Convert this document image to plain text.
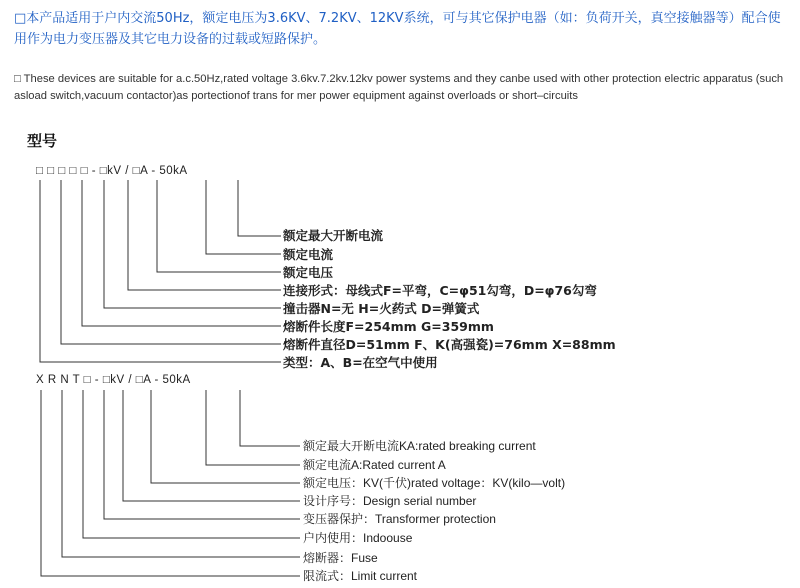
□本产品适用于户内交流50Hz，额定电压为3.6KV、7.2KV、12KV系统，可与其它保护电器（如：负荷开关，真空接触器等）配合使用作为电力变压器及其它电力设备的过载或短路保护。

□ These devices are suitable for a.c.50Hz,rated voltage 3.6kv.7.2kv.12kv power systems and they canbe used with other protection electric apparatus (such asload switch,vacuum contactor)as portectionof trans for mer power equipment against overloads or short–circuits

型号
□ □ □ □ □ - □kV / □A - 50kA
X R N T □ - □kV / □A - 50kA
额定最大开断电流
额定电流
额定电压
连接形式：母线式F=平弯，C=φ51勾弯，D=φ76勾弯
撞击器N=无 H=火药式 D=弹簧式
熔断件长度F=254mm G=359mm
熔断件直径D=51mm F、K(高强瓷)=76mm X=88mm
类型：A、B=在空气中使用
额定最大开断电流KA:rated breaking current
额定电流A:Rated current A
额定电压：KV(千伏)rated voltage：KV(kilo—volt)
设计序号：Design serial number
变压器保护：Transformer protection
户内使用：Indoouse
熔断器：Fuse
限流式：Limit current
